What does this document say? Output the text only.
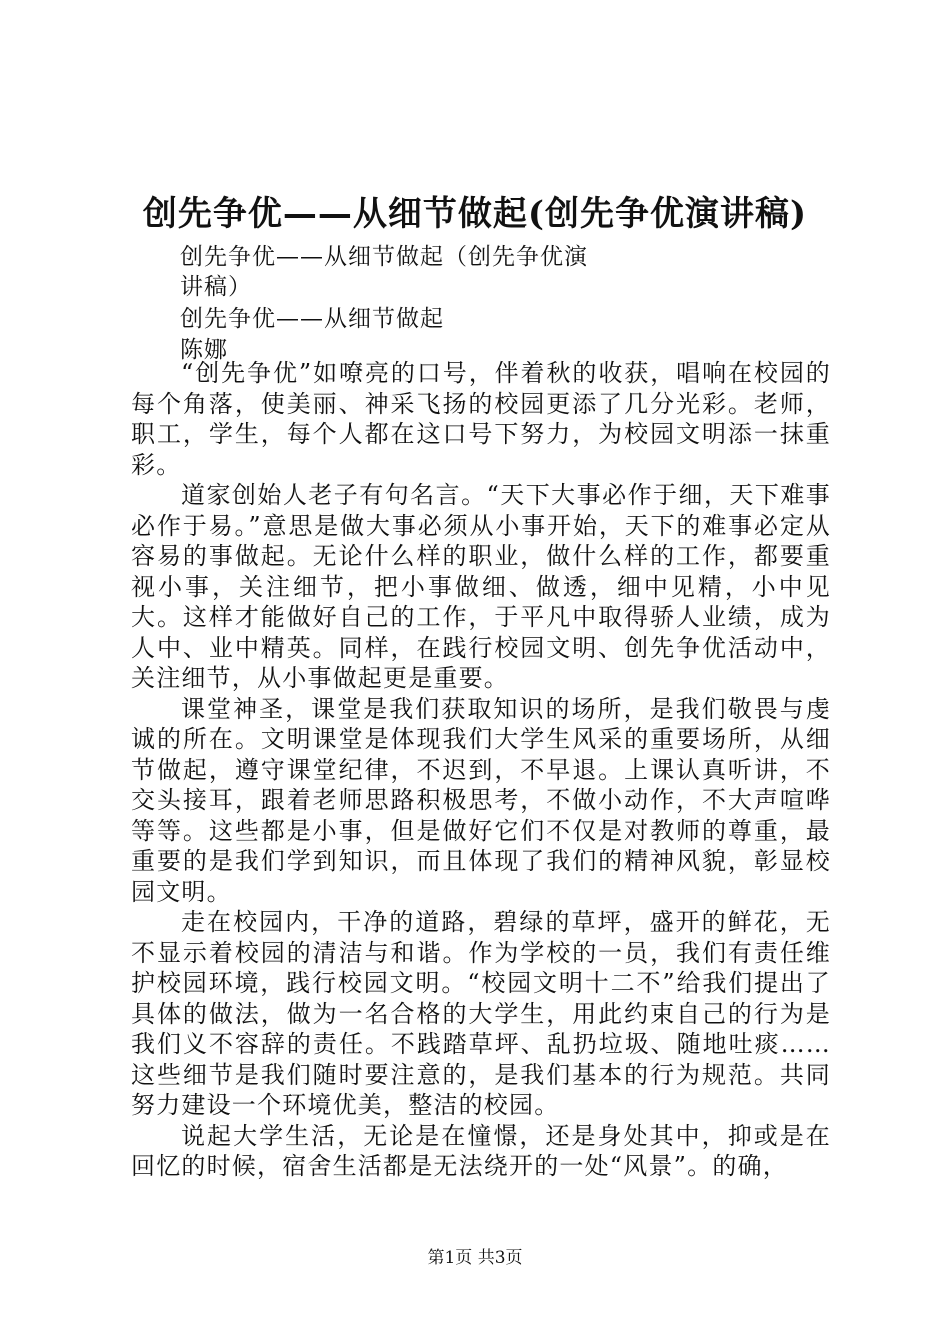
创先争优——从细节做起(创先争优演讲稿)
创先争优——从细节做起（创先争优演
讲稿）
创先争优——从细节做起
陈娜

“创先争优”如嘹亮的口号，伴着秋的收获，唱响在校园的每个角落，使美丽、神采飞扬的校园更添了几分光彩。老师，职工，学生，每个人都在这口号下努力，为校园文明添一抹重彩。

道家创始人老子有句名言。“天下大事必作于细，天下难事必作于易。”意思是做大事必须从小事开始，天下的难事必定从容易的事做起。无论什么样的职业，做什么样的工作，都要重视小事，关注细节，把小事做细、做透，细中见精，小中见大。这样才能做好自己的工作，于平凡中取得骄人业绩，成为人中、业中精英。同样，在践行校园文明、创先争优活动中，关注细节，从小事做起更是重要。

课堂神圣，课堂是我们获取知识的场所，是我们敬畏与虔诚的所在。文明课堂是体现我们大学生风采的重要场所，从细节做起，遵守课堂纪律，不迟到，不早退。上课认真听讲，不交头接耳，跟着老师思路积极思考，不做小动作，不大声喧哗等等。这些都是小事，但是做好它们不仅是对教师的尊重，最重要的是我们学到知识，而且体现了我们的精神风貌，彰显校园文明。

走在校园内，干净的道路，碧绿的草坪，盛开的鲜花，无不显示着校园的清洁与和谐。作为学校的一员，我们有责任维护校园环境，践行校园文明。“校园文明十二不”给我们提出了具体的做法，做为一名合格的大学生，用此约束自己的行为是我们义不容辞的责任。不践踏草坪、乱扔垃圾、随地吐痰……这些细节是我们随时要注意的，是我们基本的行为规范。共同努力建设一个环境优美，整洁的校园。

说起大学生活，无论是在憧憬，还是身处其中，抑或是在回忆的时候，宿舍生活都是无法绕开的一处“风景”。的确，

第1页 共3页
